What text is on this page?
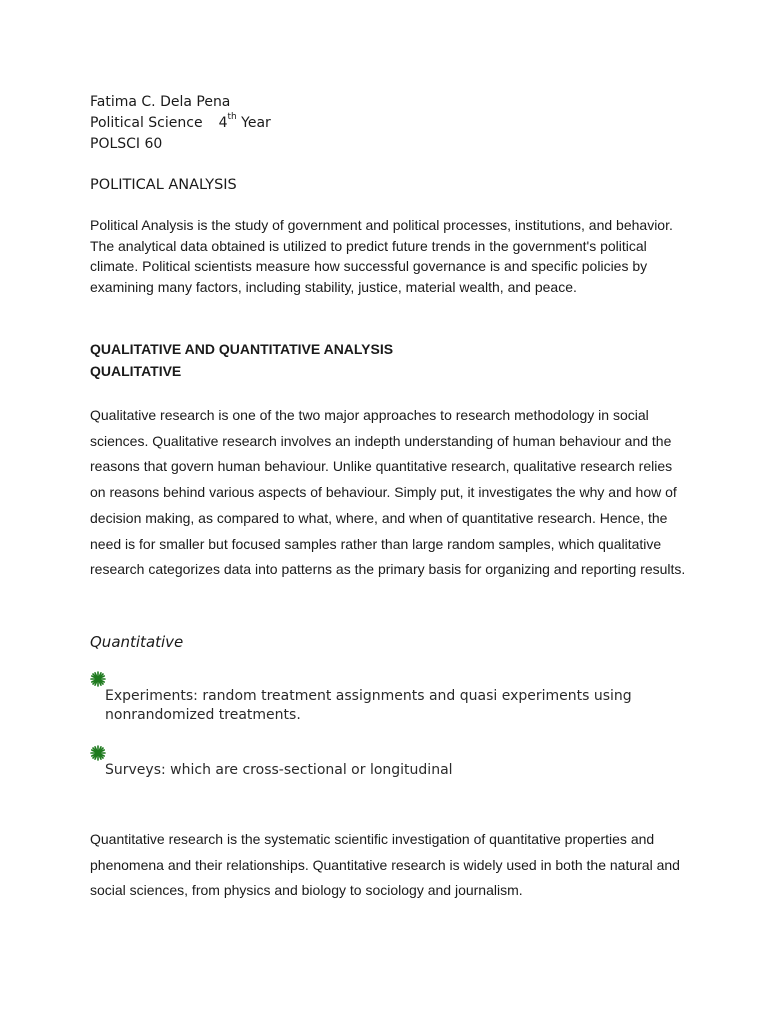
Fatima C. Dela Pena
Political Science 4th Year
POLSCI 60
POLITICAL ANALYSIS

Political Analysis is the study of government and political processes, institutions, and behavior. The analytical data obtained is utilized to predict future trends in the government's political climate. Political scientists measure how successful governance is and specific policies by examining many factors, including stability, justice, material wealth, and peace.

QUALITATIVE AND QUANTITATIVE ANALYSIS
QUALITATIVE

Qualitative research is one of the two major approaches to research methodology in social sciences. Qualitative research involves an indepth understanding of human behaviour and the reasons that govern human behaviour. Unlike quantitative research, qualitative research relies on reasons behind various aspects of behaviour. Simply put, it investigates the why and how of decision making, as compared to what, where, and when of quantitative research. Hence, the need is for smaller but focused samples rather than large random samples, which qualitative research categorizes data into patterns as the primary basis for organizing and reporting results.

Quantitative

Experiments: random treatment assignments and quasi experiments using nonrandomized treatments.

Surveys: which are cross-sectional or longitudinal

Quantitative research is the systematic scientific investigation of quantitative properties and phenomena and their relationships. Quantitative research is widely used in both the natural and social sciences, from physics and biology to sociology and journalism.
